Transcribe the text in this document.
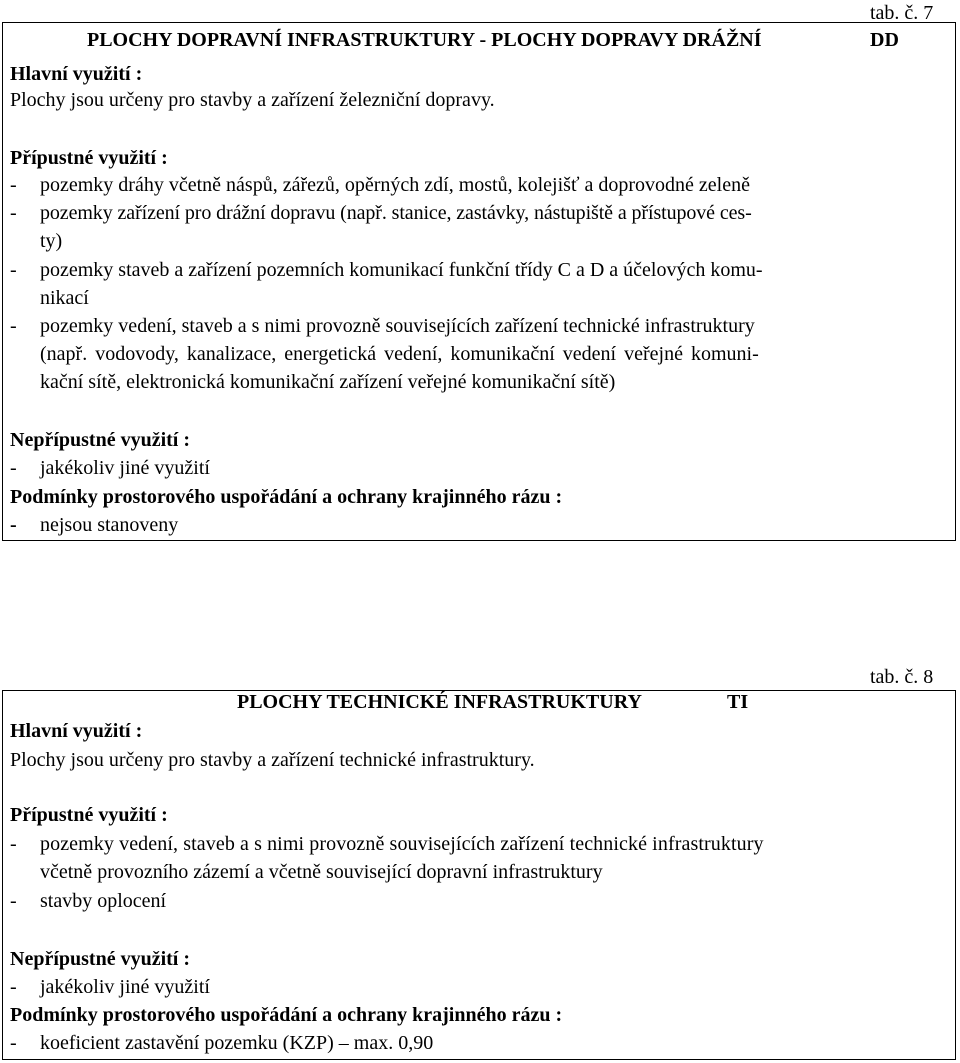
tab. č. 7
PLOCHY DOPRAVNÍ INFRASTRUKTURY - PLOCHY DOPRAVY DRÁŽNÍ	DD
Hlavní využití :
Plochy jsou určeny pro stavby a zařízení železniční dopravy.
Přípustné využití :
- pozemky dráhy včetně náspů, zářezů, opěrných zdí, mostů, kolejišť a doprovodné zeleně
- pozemky zařízení pro drážní dopravu (např. stanice, zastávky, nástupiště a přístupové ces-
ty)
- pozemky staveb a zařízení pozemních komunikací funkční třídy C a D a účelových komu-
nikací
- pozemky vedení, staveb a s nimi provozně souvisejících zařízení technické infrastruktury
(např. vodovody, kanalizace, energetická vedení, komunikační vedení veřejné komuni-
kační sítě, elektronická komunikační zařízení veřejné komunikační sítě)
Nepřípustné využití :
- jakékoliv jiné využití
Podmínky prostorového uspořádání a ochrany krajinného rázu :
- nejsou stanoveny
tab. č. 8
PLOCHY TECHNICKÉ INFRASTRUKTURY	TI
Hlavní využití :
Plochy jsou určeny pro stavby a zařízení technické infrastruktury.
Přípustné využití :
- pozemky vedení, staveb a s nimi provozně souvisejících zařízení technické infrastruktury
včetně provozního zázemí a včetně související dopravní infrastruktury
- stavby oplocení
Nepřípustné využití :
- jakékoliv jiné využití
Podmínky prostorového uspořádání a ochrany krajinného rázu :
- koeficient zastavění pozemku (KZP) – max. 0,90
